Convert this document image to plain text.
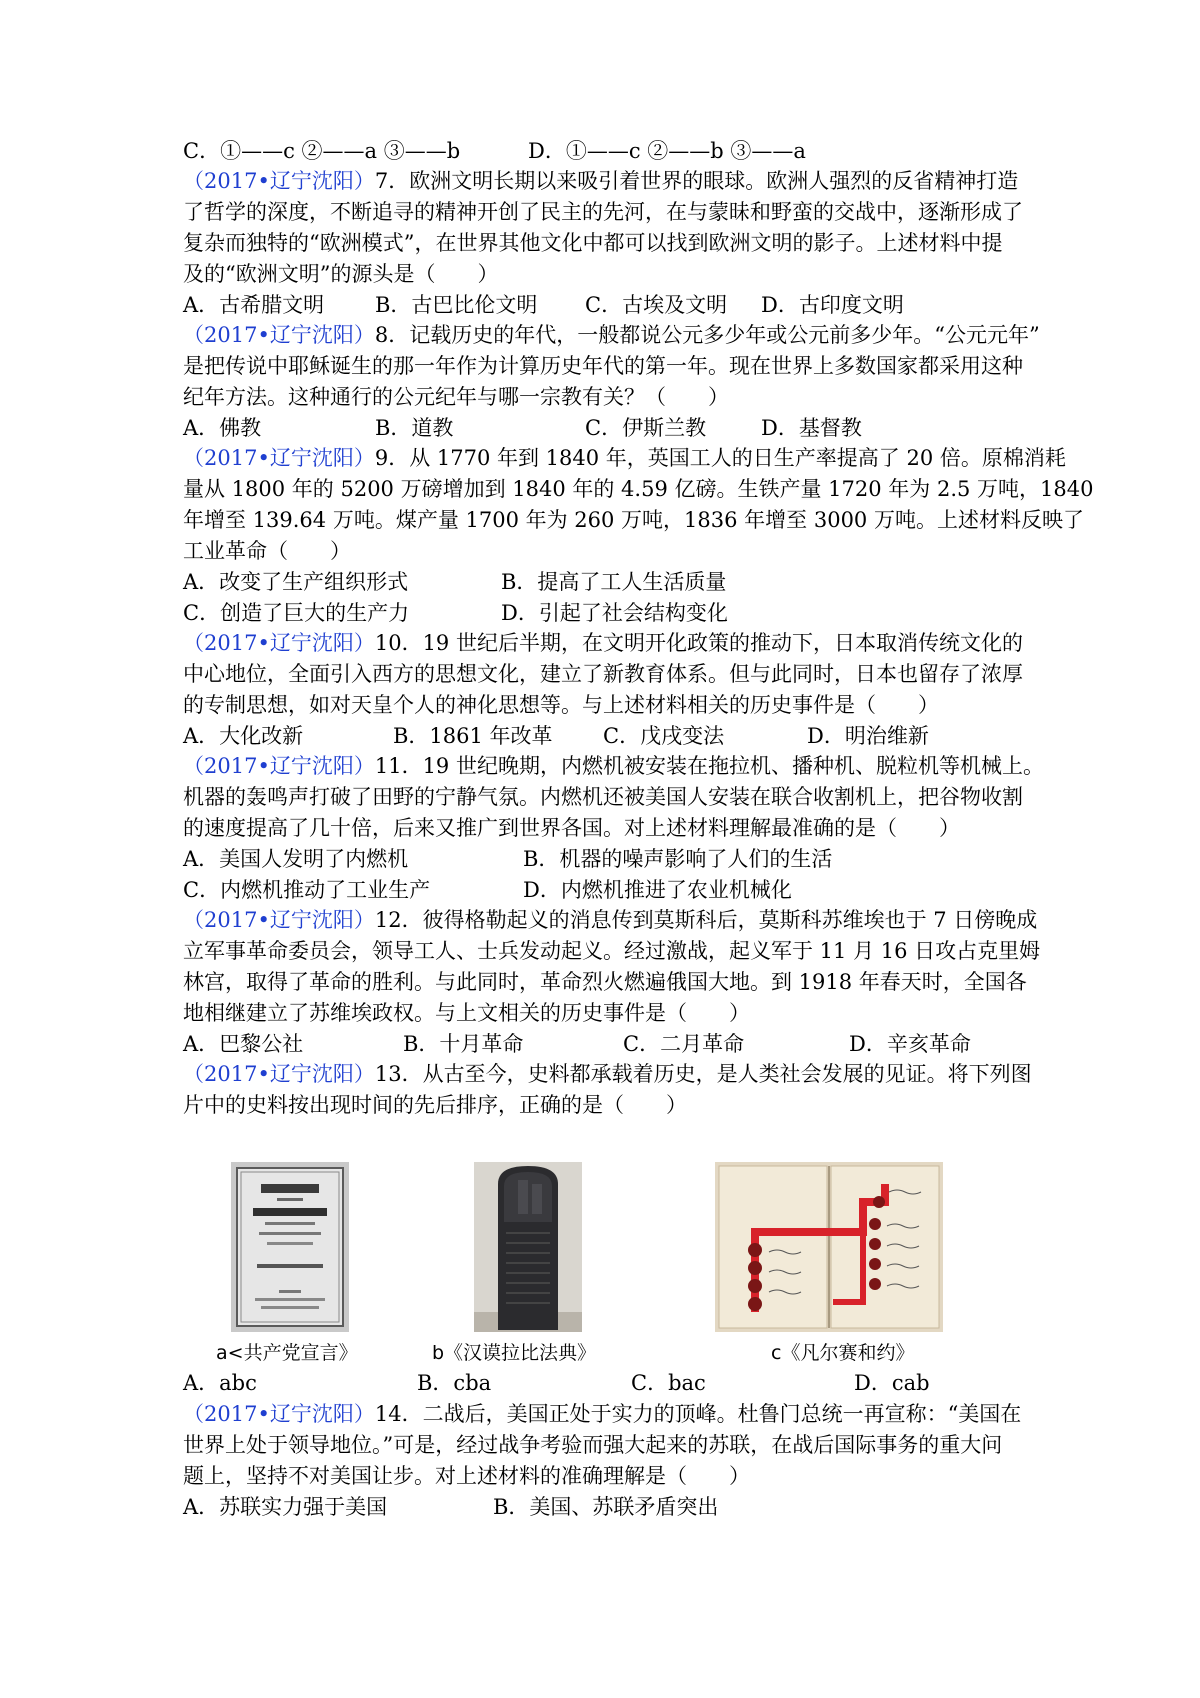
C．①——c ②——a ③——b	D．①——c ②——b ③——a
（2017•辽宁沈阳）7．欧洲文明长期以来吸引着世界的眼球。欧洲人强烈的反省精神打造
了哲学的深度，不断追寻的精神开创了民主的先河，在与蒙昧和野蛮的交战中，逐渐形成了
复杂而独特的“欧洲模式”，在世界其他文化中都可以找到欧洲文明的影子。上述材料中提
及的“欧洲文明”的源头是（　　）
A．古希腊文明 B．古巴比伦文明 C．古埃及文明 D．古印度文明
（2017•辽宁沈阳）8．记载历史的年代，一般都说公元多少年或公元前多少年。“公元元年”
是把传说中耶稣诞生的那一年作为计算历史年代的第一年。现在世界上多数国家都采用这种
纪年方法。这种通行的公元纪年与哪一宗教有关？（　　）
A．佛教	B．道教	C．伊斯兰教	D．基督教
（2017•辽宁沈阳）9．从 1770 年到 1840 年，英国工人的日生产率提高了 20 倍。原棉消耗
量从 1800 年的 5200 万磅增加到 1840 年的 4.59 亿磅。生铁产量 1720 年为 2.5 万吨，1840
年增至 139.64 万吨。煤产量 1700 年为 260 万吨，1836 年增至 3000 万吨。上述材料反映了
工业革命（　　）
A．改变了生产组织形式	B．提高了工人生活质量
C．创造了巨大的生产力	D．引起了社会结构变化
（2017•辽宁沈阳）10．19 世纪后半期，在文明开化政策的推动下，日本取消传统文化的
中心地位，全面引入西方的思想文化，建立了新教育体系。但与此同时，日本也留存了浓厚
的专制思想，如对天皇个人的神化思想等。与上述材料相关的历史事件是（　　）
A．大化改新	B．1861 年改革 C．戊戌变法	D．明治维新
（2017•辽宁沈阳）11．19 世纪晚期，内燃机被安装在拖拉机、播种机、脱粒机等机械上。
机器的轰鸣声打破了田野的宁静气氛。内燃机还被美国人安装在联合收割机上，把谷物收割
的速度提高了几十倍，后来又推广到世界各国。对上述材料理解最准确的是（　　）
A．美国人发明了内燃机	B．机器的噪声影响了人们的生活
C．内燃机推动了工业生产	D．内燃机推进了农业机械化
（2017•辽宁沈阳）12．彼得格勒起义的消息传到莫斯科后，莫斯科苏维埃也于 7 日傍晚成
立军事革命委员会，领导工人、士兵发动起义。经过激战，起义军于 11 月 16 日攻占克里姆
林宫，取得了革命的胜利。与此同时，革命烈火燃遍俄国大地。到 1918 年春天时，全国各
地相继建立了苏维埃政权。与上文相关的历史事件是（　　）
A．巴黎公社	B．十月革命	C．二月革命	D．辛亥革命
（2017•辽宁沈阳）13．从古至今，史料都承载着历史，是人类社会发展的见证。将下列图
片中的史料按出现时间的先后排序，正确的是（　　）
a<共产党宣言》	b《汉谟拉比法典》	c《凡尔赛和约》
A．abc	B．cba	C．bac	D．cab
（2017•辽宁沈阳）14．二战后，美国正处于实力的顶峰。杜鲁门总统一再宣称：“美国在
世界上处于领导地位。”可是，经过战争考验而强大起来的苏联，在战后国际事务的重大问
题上，坚持不对美国让步。对上述材料的准确理解是（　　）
A．苏联实力强于美国	B．美国、苏联矛盾突出
